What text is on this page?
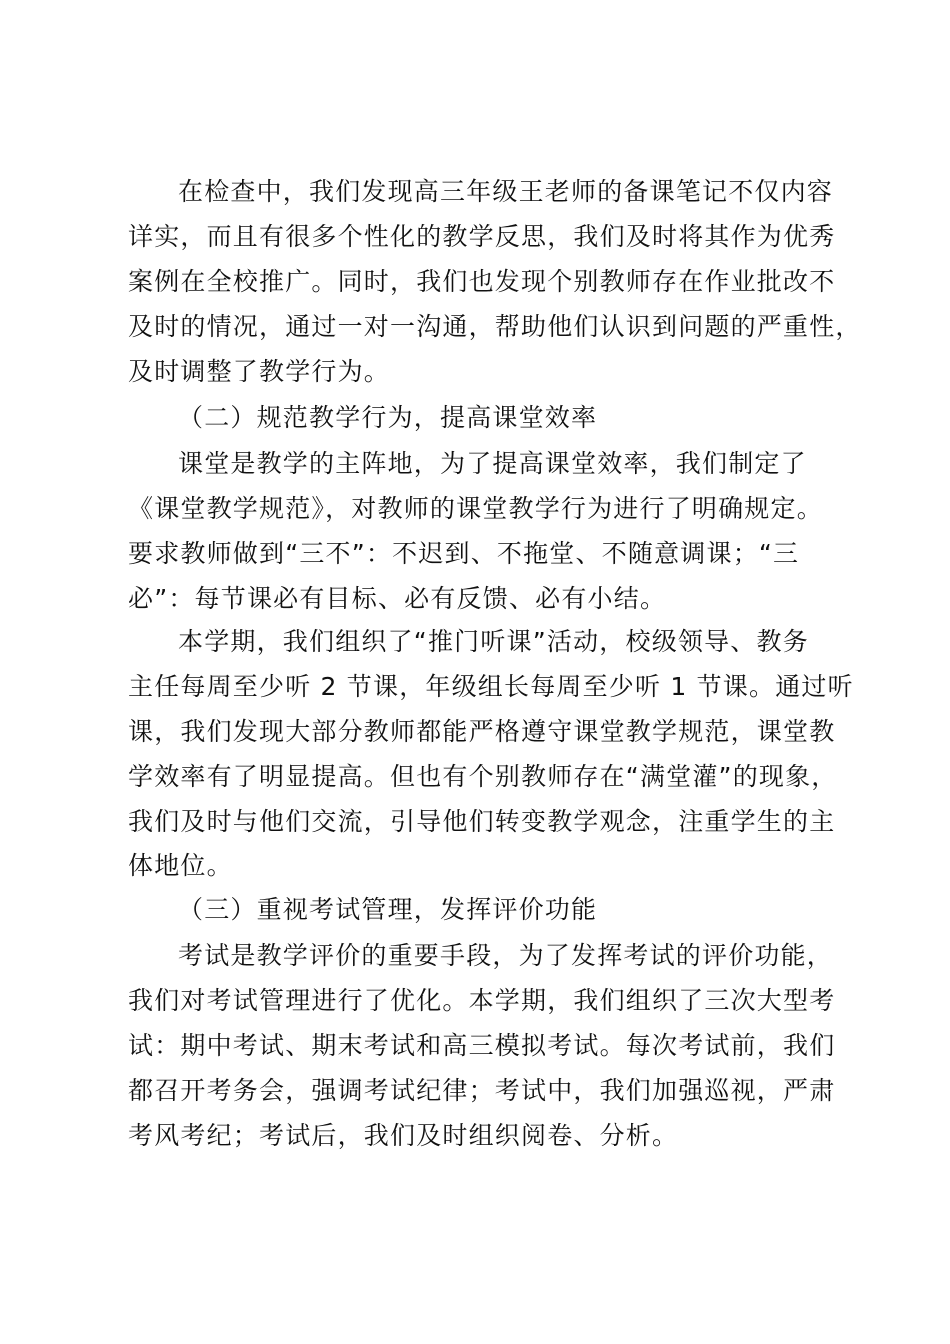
在检查中，我们发现高三年级王老师的备课笔记不仅内容

详实，而且有很多个性化的教学反思，我们及时将其作为优秀

案例在全校推广。同时，我们也发现个别教师存在作业批改不

及时的情况，通过一对一沟通，帮助他们认识到问题的严重性，

及时调整了教学行为。

（二）规范教学行为，提高课堂效率

课堂是教学的主阵地，为了提高课堂效率，我们制定了

《课堂教学规范》，对教师的课堂教学行为进行了明确规定。

要求教师做到“三不”：不迟到、不拖堂、不随意调课；“三

必”：每节课必有目标、必有反馈、必有小结。

本学期，我们组织了“推门听课”活动，校级领导、教务

主任每周至少听 2 节课，年级组长每周至少听 1 节课。通过听

课，我们发现大部分教师都能严格遵守课堂教学规范，课堂教

学效率有了明显提高。但也有个别教师存在“满堂灌”的现象，

我们及时与他们交流，引导他们转变教学观念，注重学生的主

体地位。

（三）重视考试管理，发挥评价功能

考试是教学评价的重要手段，为了发挥考试的评价功能，

我们对考试管理进行了优化。本学期，我们组织了三次大型考

试：期中考试、期末考试和高三模拟考试。每次考试前，我们

都召开考务会，强调考试纪律；考试中，我们加强巡视，严肃

考风考纪；考试后，我们及时组织阅卷、分析。
